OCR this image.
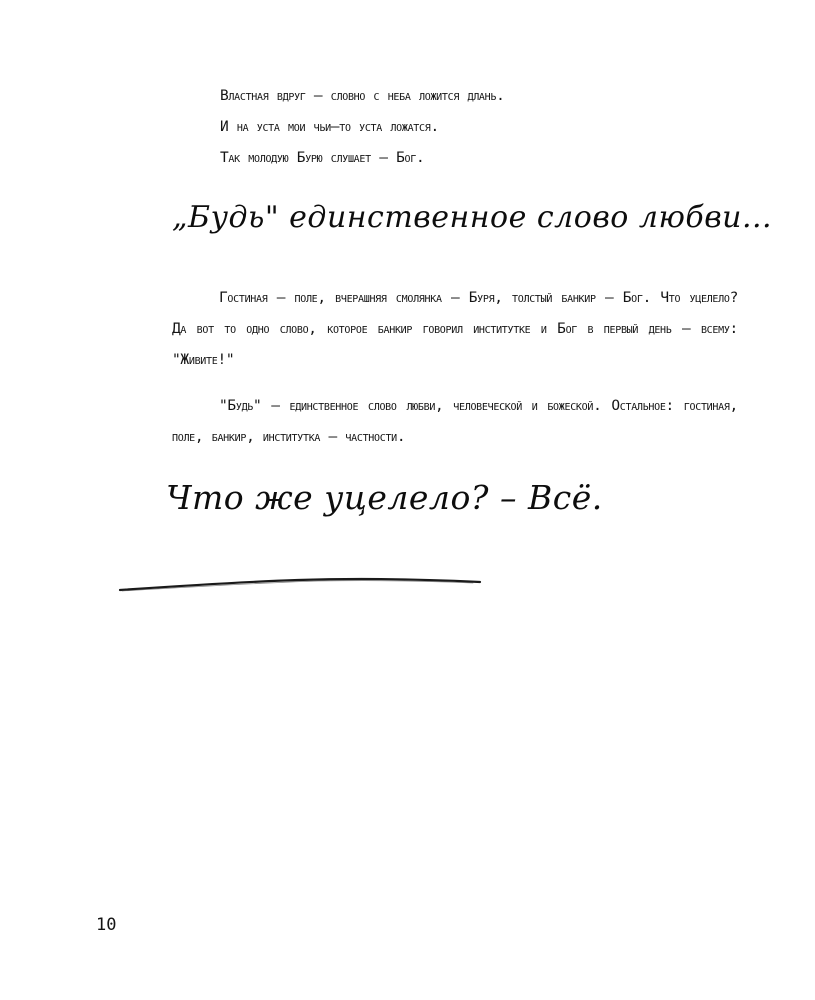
Властная вдруг – словно с неба ложится длань.
И на уста мои чьи–то уста ложатся.
Так молодую Бурю слушает – Бог.
„Будь" единственное слово любви...
Гостиная – поле, вчерашняя смолянка – Буря, толстый банкир – Бог. Что уцелело? Да вот то одно слово, которое банкир говорил институтке и Бог в первый день – всему: "Живите!"
"Будь" – единственное слово любви, человеческой и божеской. Остальное: гостиная, поле, банкир, институтка – частности.
Что же уцелело? – Всё.
10
